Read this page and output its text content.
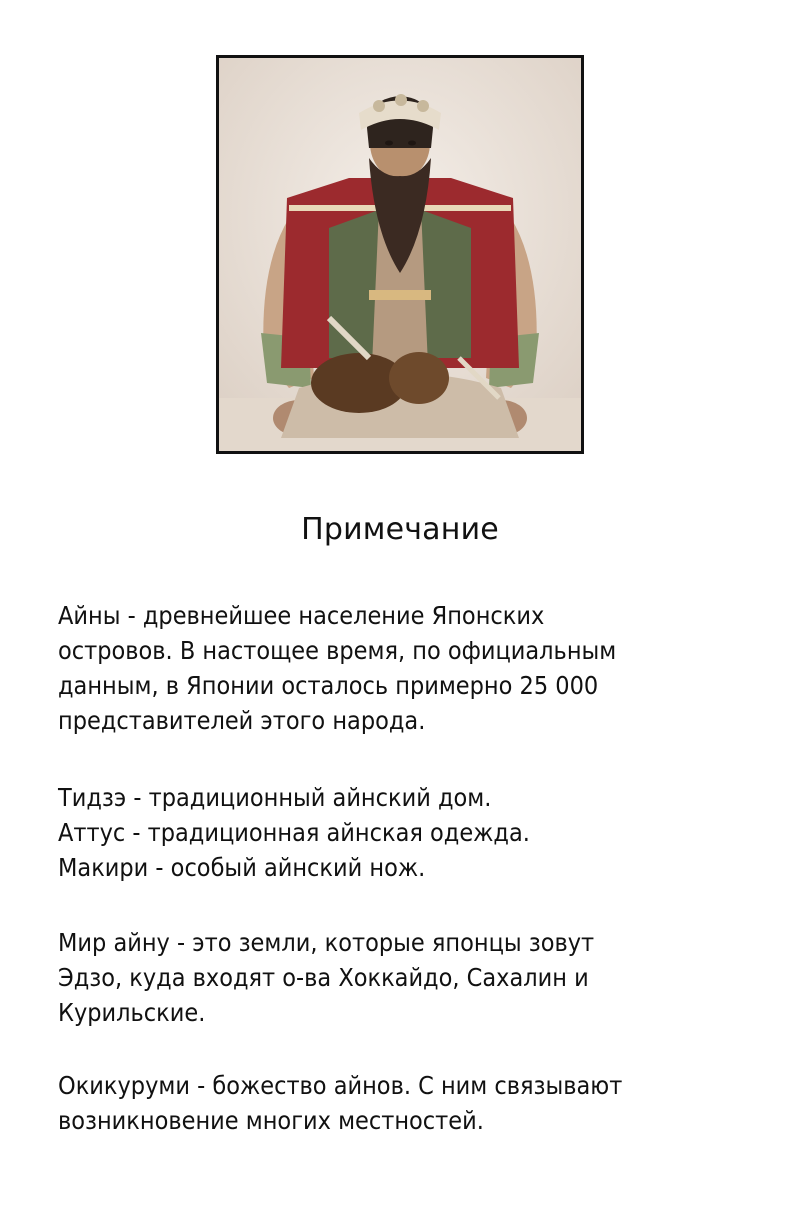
Примечание
Айны - древнейшее население Японских
островов. В настощее время, по официальным
данным, в Японии осталось примерно 25 000
представителей этого народа.
Тидзэ - традиционный айнский дом.
Аттус - традиционная айнская одежда.
Макири - особый айнский нож.
Мир айну - это земли, которые японцы зовут
Эдзо, куда входят о-ва Хоккайдо, Сахалин и
Курильские.
Окикуруми - божество айнов. С ним связывают
возникновение многих местностей.
